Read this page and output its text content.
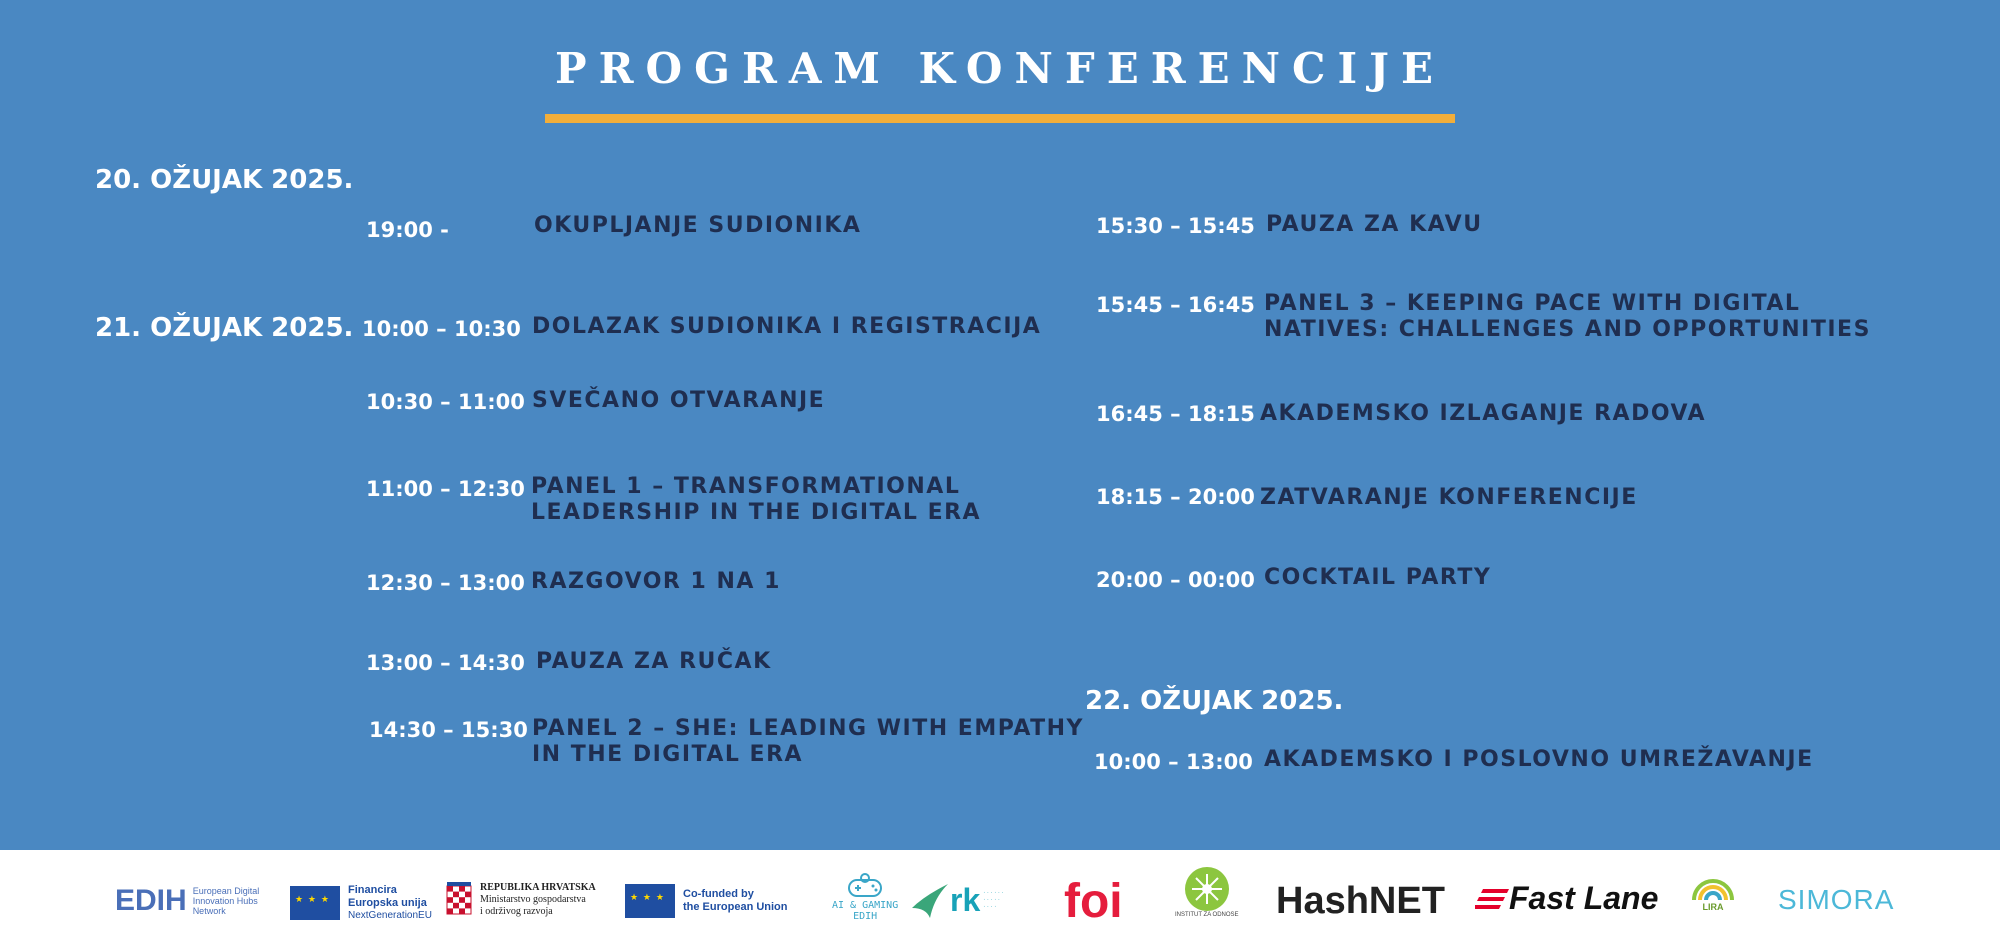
PROGRAM KONFERENCIJE
20. OŽUJAK 2025.
21. OŽUJAK 2025.
22. OŽUJAK 2025.
19:00 -	OKUPLJANJE SUDIONIKA
10:00 – 10:30 DOLAZAK SUDIONIKA I REGISTRACIJA
10:30 – 11:00 SVEČANO OTVARANJE
11:00 – 12:30 PANEL 1 – TRANSFORMATIONAL
LEADERSHIP IN THE DIGITAL ERA
12:30 – 13:00 RAZGOVOR 1 NA 1
13:00 – 14:30 PAUZA ZA RUČAK
14:30 – 15:30 PANEL 2 – SHE: LEADING WITH EMPATHY
IN THE DIGITAL ERA
15:30 – 15:45 PAUZA ZA KAVU
15:45 – 16:45 PANEL 3 – KEEPING PACE WITH DIGITAL
NATIVES: CHALLENGES AND OPPORTUNITIES
16:45 – 18:15 AKADEMSKO IZLAGANJE RADOVA
18:15 – 20:00 ZATVARANJE KONFERENCIJE
20:00 – 00:00 COCKTAIL PARTY
10:00 – 13:00 AKADEMSKO I POSLOVNO UMREŽAVANJE
EDIH European Digital Innovation Hubs Network
★ ★ ★
Financira
Europska unija
NextGenerationEU
REPUBLIKA HRVATSKA
Ministarstvo gospodarstva
i održivog razvoja
★ ★ ★
Co-funded by
the European Union	AI & GAMING
EDIH	rk · · · · · ·
· · · · ·
· · · ·	foi	INSTITUT ZA ODNOSE HashNET Fast Lane	LIRA SIMORA
